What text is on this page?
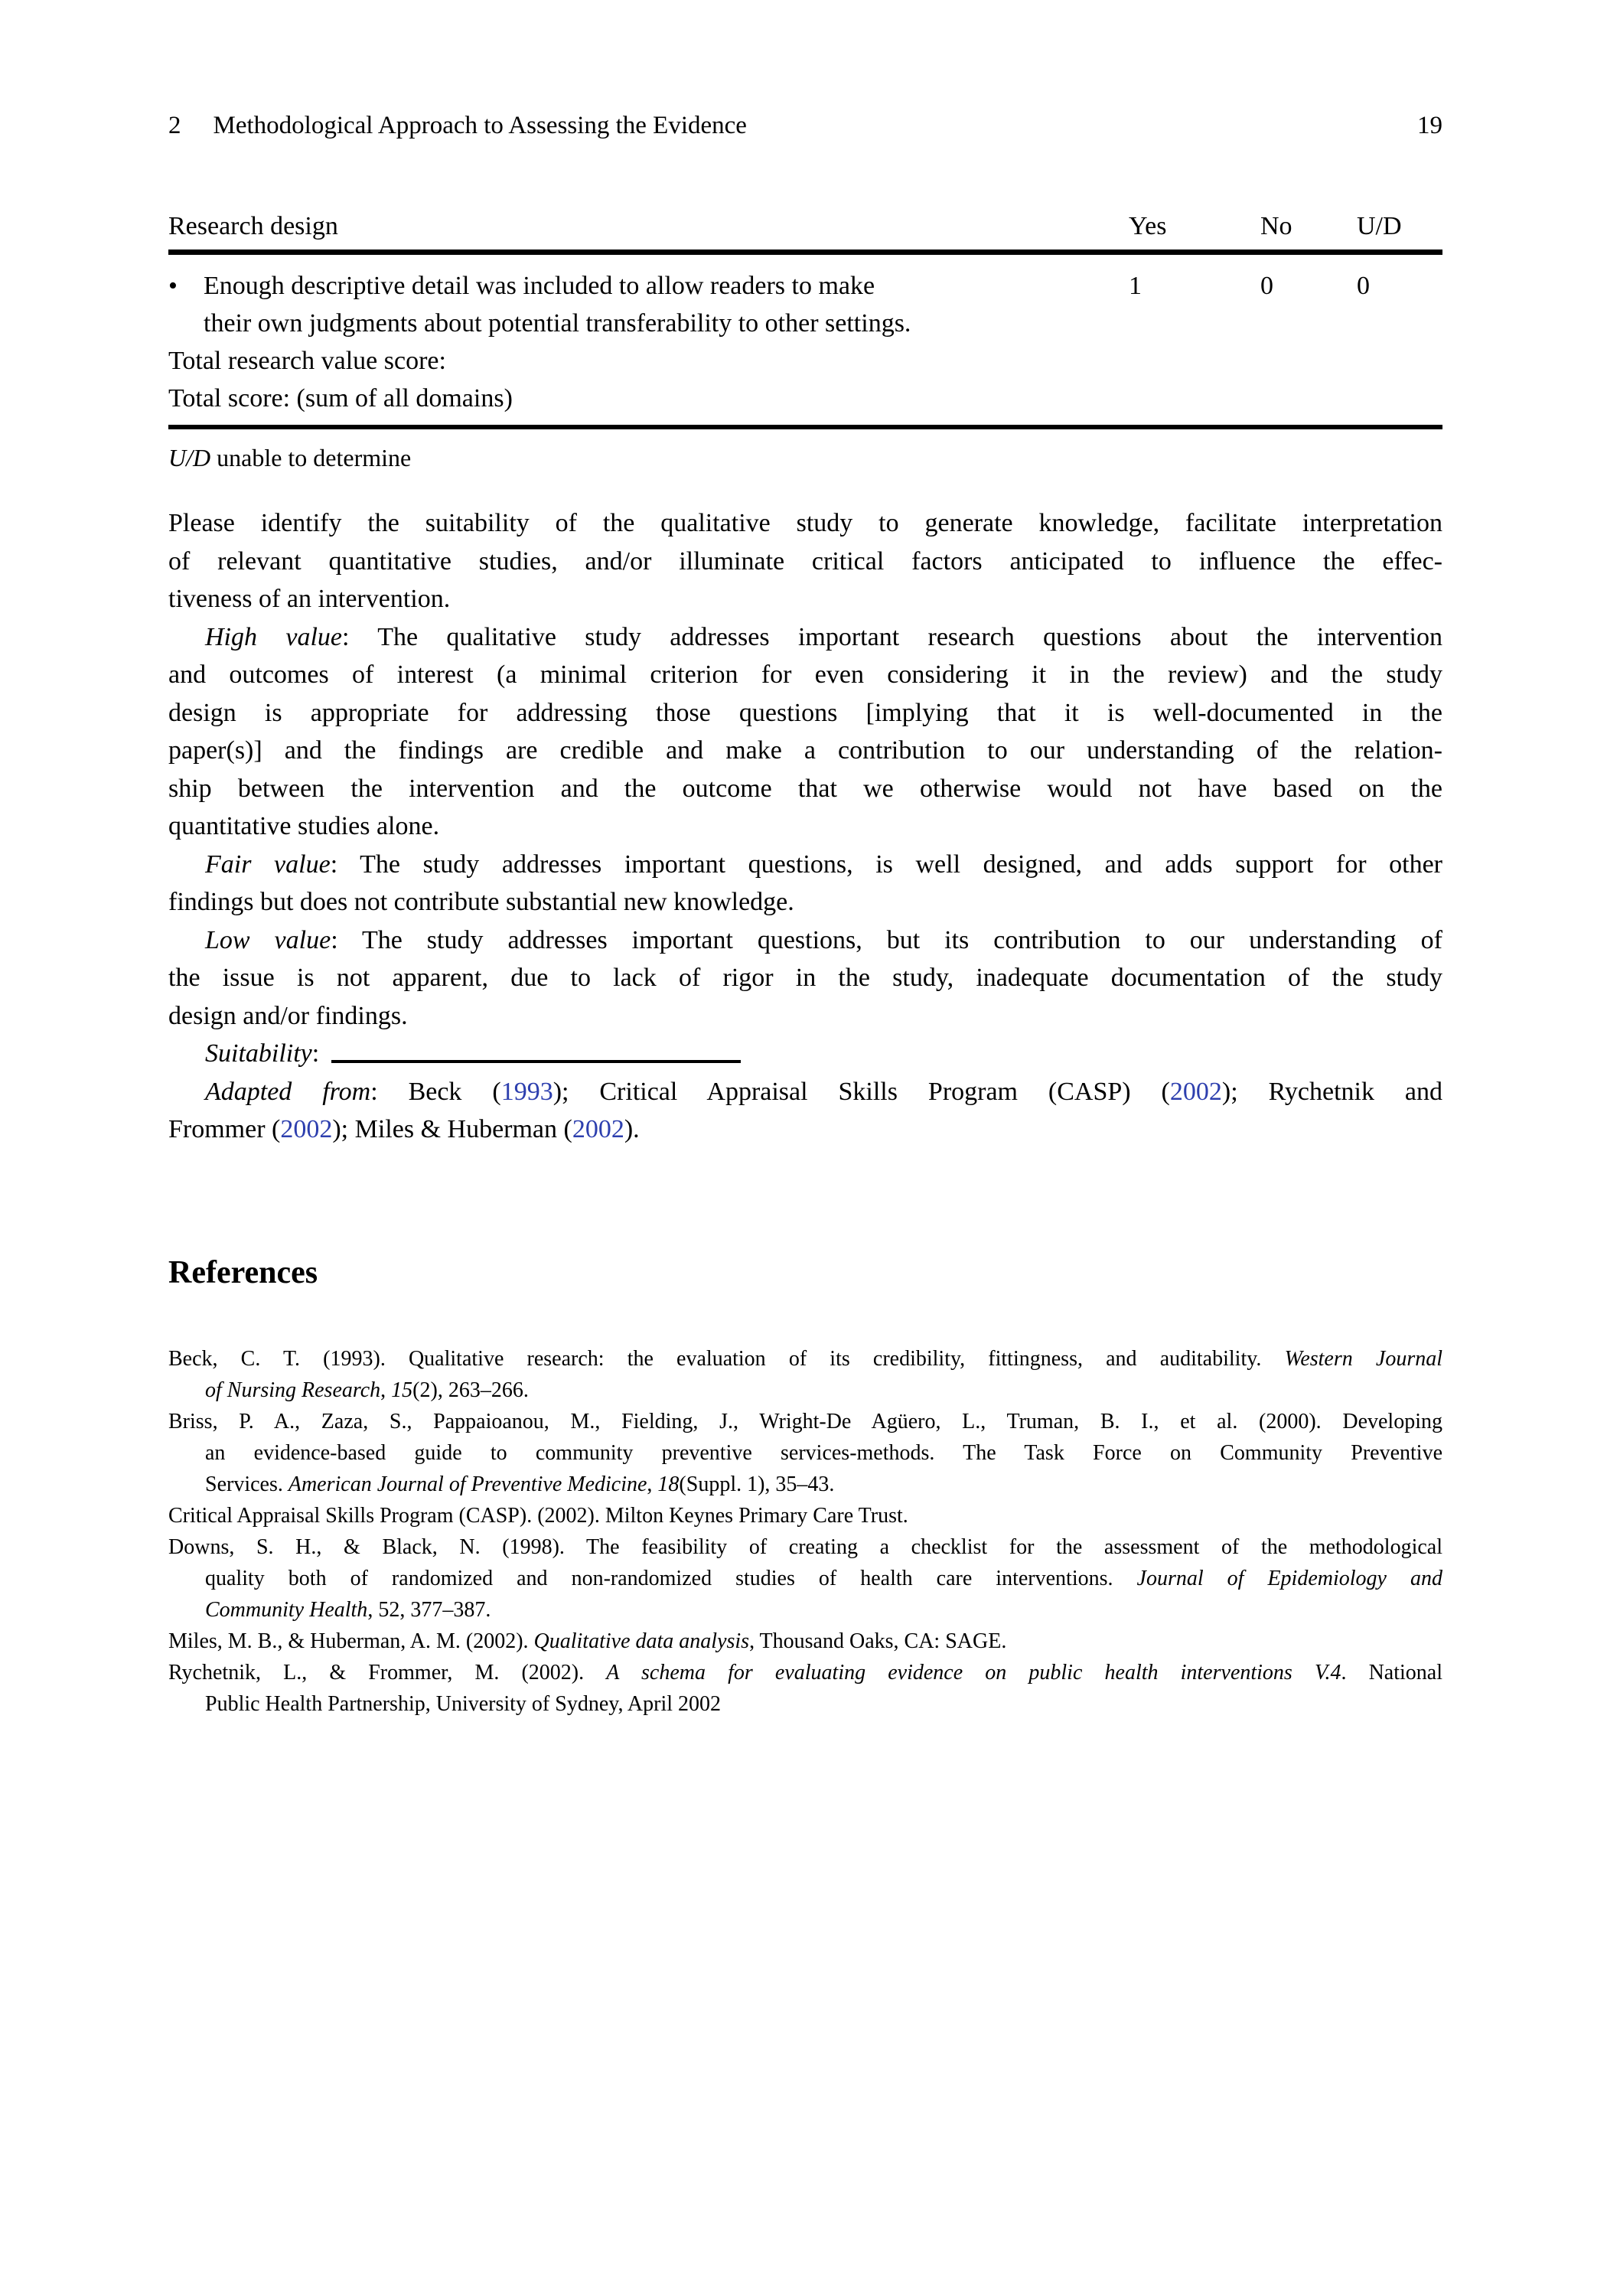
2 Methodological Approach to Assessing the Evidence	19
Research design	Yes	No	U/D
•	Enough descriptive detail was included to allow readers to make
their own judgments about potential transferability to other settings.
1	0	0
Total research value score:
Total score: (sum of all domains)
U/D unable to determine
Please identify the suitability of the qualitative study to generate knowledge, facilitate interpretation
of relevant quantitative studies, and/or illuminate critical factors anticipated to influence the effec-
tiveness of an intervention.
High value: The qualitative study addresses important research questions about the intervention
and outcomes of interest (a minimal criterion for even considering it in the review) and the study
design is appropriate for addressing those questions [implying that it is well-documented in the
paper(s)] and the findings are credible and make a contribution to our understanding of the relation-
ship between the intervention and the outcome that we otherwise would not have based on the
quantitative studies alone.
Fair value: The study addresses important questions, is well designed, and adds support for other
findings but does not contribute substantial new knowledge.
Low value: The study addresses important questions, but its contribution to our understanding of
the issue is not apparent, due to lack of rigor in the study, inadequate documentation of the study
design and/or findings.
Suitability:
Adapted from: Beck (1993); Critical Appraisal Skills Program (CASP) (2002); Rychetnik and
Frommer (2002); Miles & Huberman (2002).
References
Beck, C. T. (1993). Qualitative research: the evaluation of its credibility, fittingness, and auditability. Western Journal
of Nursing Research, 15(2), 263–266.
Briss, P. A., Zaza, S., Pappaioanou, M., Fielding, J., Wright-De Agüero, L., Truman, B. I., et al. (2000). Developing
an evidence-based guide to community preventive services-methods. The Task Force on Community Preventive
Services. American Journal of Preventive Medicine, 18(Suppl. 1), 35–43.
Critical Appraisal Skills Program (CASP). (2002). Milton Keynes Primary Care Trust.
Downs, S. H., & Black, N. (1998). The feasibility of creating a checklist for the assessment of the methodological
quality both of randomized and non-randomized studies of health care interventions. Journal of Epidemiology and
Community Health, 52, 377–387.
Miles, M. B., & Huberman, A. M. (2002). Qualitative data analysis, Thousand Oaks, CA: SAGE.
Rychetnik, L., & Frommer, M. (2002). A schema for evaluating evidence on public health interventions V.4. National
Public Health Partnership, University of Sydney, April 2002
